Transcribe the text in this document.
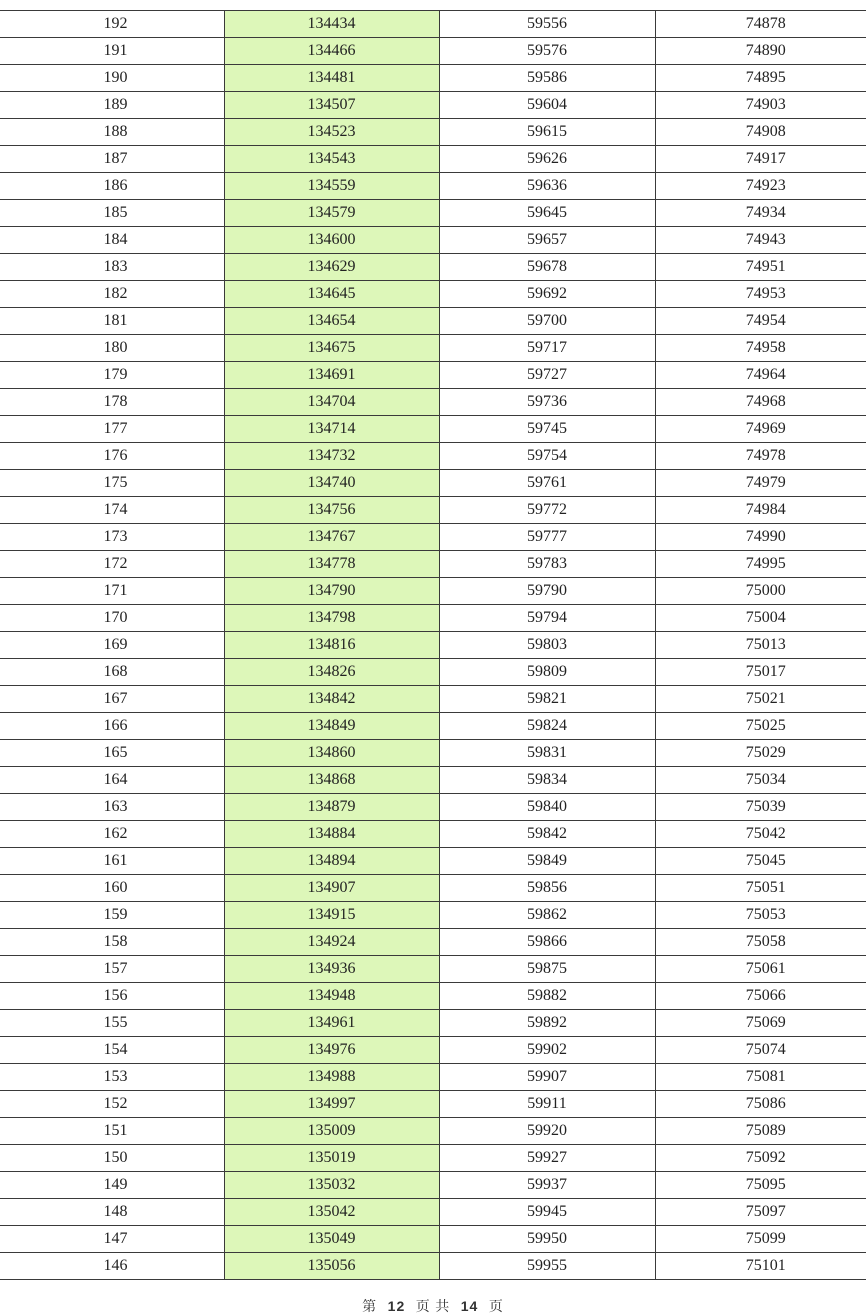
192	134434	59556	74878
191	134466	59576	74890
190	134481	59586	74895
189	134507	59604	74903
188	134523	59615	74908
187	134543	59626	74917
186	134559	59636	74923
185	134579	59645	74934
184	134600	59657	74943
183	134629	59678	74951
182	134645	59692	74953
181	134654	59700	74954
180	134675	59717	74958
179	134691	59727	74964
178	134704	59736	74968
177	134714	59745	74969
176	134732	59754	74978
175	134740	59761	74979
174	134756	59772	74984
173	134767	59777	74990
172	134778	59783	74995
171	134790	59790	75000
170	134798	59794	75004
169	134816	59803	75013
168	134826	59809	75017
167	134842	59821	75021
166	134849	59824	75025
165	134860	59831	75029
164	134868	59834	75034
163	134879	59840	75039
162	134884	59842	75042
161	134894	59849	75045
160	134907	59856	75051
159	134915	59862	75053
158	134924	59866	75058
157	134936	59875	75061
156	134948	59882	75066
155	134961	59892	75069
154	134976	59902	75074
153	134988	59907	75081
152	134997	59911	75086
151	135009	59920	75089
150	135019	59927	75092
149	135032	59937	75095
148	135042	59945	75097
147	135049	59950	75099
146	135056	59955	75101
第 12 页 共 14 页
